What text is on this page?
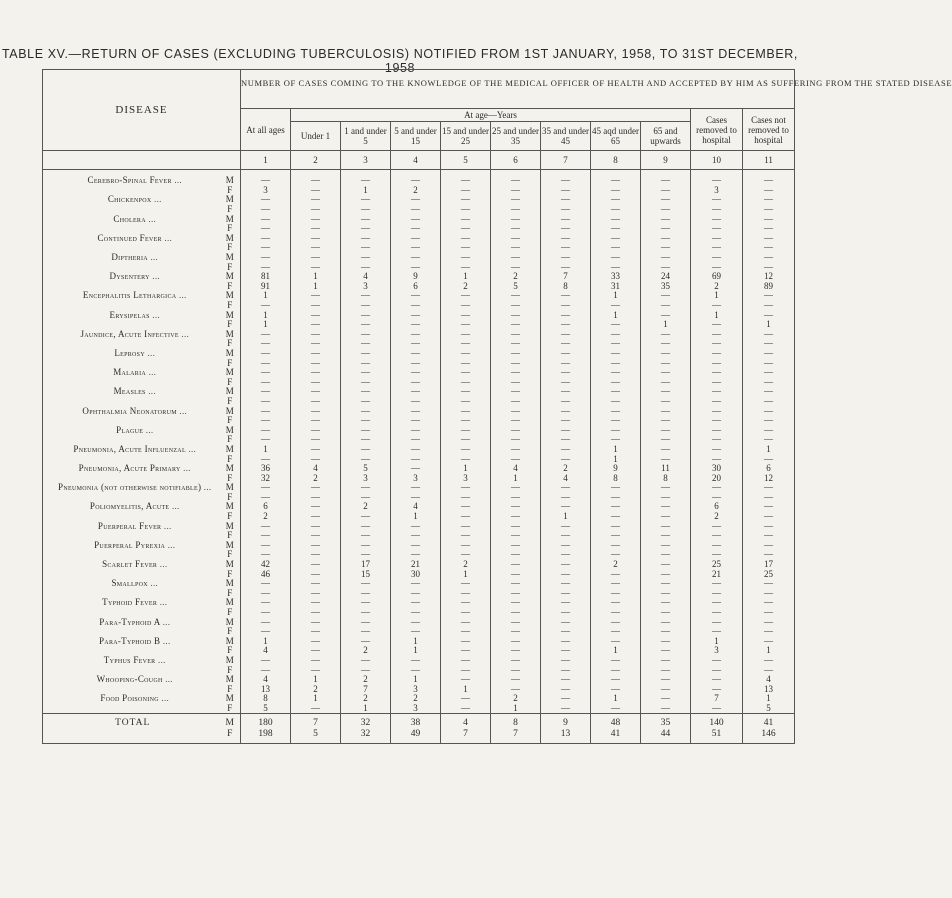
TABLE XV.—RETURN OF CASES (EXCLUDING TUBERCULOSIS) NOTIFIED FROM 1ST JANUARY, 1958, TO 31ST DECEMBER, 1958
DISEASE		NUMBER OF CASES COMING TO THE KNOWLEDGE OF THE MEDICAL OFFICER OF HEALTH AND ACCEPTED BY HIM AS SUFFERING FROM THE STATED DISEASE										

		At all ages	At age—Years								Cases removed to hospital	Cases not removed to hospital

			Under 1	1 and under 5	5 and under 15	15 and under 25	25 and under 35	35 and under 45	45 aqd under 65	65 and upwards		

		1	2	3	4	5	6	7	8	9	10	11

Cerebro-Spinal Fever ...	M	—	—	—	—	—	—	—	—	—	—	—
	F	3	—	1	2	—	—	—	—	—	3	—
Chickenpox ...	M	—	—	—	—	—	—	—	—	—	—	—
	F	—	—	—	—	—	—	—	—	—	—	—
Cholera ...	M	—	—	—	—	—	—	—	—	—	—	—
	F	—	—	—	—	—	—	—	—	—	—	—
Continued Fever ...	M	—	—	—	—	—	—	—	—	—	—	—
	F	—	—	—	—	—	—	—	—	—	—	—
Diptheria ...	M	—	—	—	—	—	—	—	—	—	—	—
	F	—	—	—	—	—	—	—	—	—	—	—
Dysentery ...	M	81	1	4	9	1	2	7	33	24	69	12
	F	91	1	3	6	2	5	8	31	35	2	89
Encephalitis Lethargica ...	M	1	—	—	—	—	—	—	1	—	1	—
	F	—	—	—	—	—	—	—	—	—	—	—
Erysipelas ...	M	1	—	—	—	—	—	—	1	—	1	—
	F	1	—	—	—	—	—	—	—	1	—	1
Jaundice, Acute Infective ...	M	—	—	—	—	—	—	—	—	—	—	—
	F	—	—	—	—	—	—	—	—	—	—	—
Leprosy ...	M	—	—	—	—	—	—	—	—	—	—	—
	F	—	—	—	—	—	—	—	—	—	—	—
Malaria ...	M	—	—	—	—	—	—	—	—	—	—	—
	F	—	—	—	—	—	—	—	—	—	—	—
Measles ...	M	—	—	—	—	—	—	—	—	—	—	—
	F	—	—	—	—	—	—	—	—	—	—	—
Ophthalmia Neonatorum ...	M	—	—	—	—	—	—	—	—	—	—	—
	F	—	—	—	—	—	—	—	—	—	—	—
Plague ...	M	—	—	—	—	—	—	—	—	—	—	—
	F	—	—	—	—	—	—	—	—	—	—	—
Pneumonia, Acute Influenzal ...	M	1	—	—	—	—	—	—	1	—	—	1
	F	—	—	—	—	—	—	—	1	—	—	—
Pneumonia, Acute Primary ...	M	36	4	5	—	1	4	2	9	11	30	6
	F	32	2	3	3	3	1	4	8	8	20	12
Pneumonia (not otherwise notifiable) ...	M	—	—	—	—	—	—	—	—	—	—	—
	F	—	—	—	—	—	—	—	—	—	—	—
Poliomyelitis, Acute ...	M	6	—	2	4	—	—	—	—	—	6	—
	F	2	—	—	1	—	—	1	—	—	2	—
Puerperal Fever ...	M	—	—	—	—	—	—	—	—	—	—	—
	F	—	—	—	—	—	—	—	—	—	—	—
Puerperal Pyrexia ...	M	—	—	—	—	—	—	—	—	—	—	—
	F	—	—	—	—	—	—	—	—	—	—	—
Scarlet Fever ...	M	42	—	17	21	2	—	—	2	—	25	17
	F	46	—	15	30	1	—	—	—	—	21	25
Smallpox ...	M	—	—	—	—	—	—	—	—	—	—	—
	F	—	—	—	—	—	—	—	—	—	—	—
Typhoid Fever ...	M	—	—	—	—	—	—	—	—	—	—	—
	F	—	—	—	—	—	—	—	—	—	—	—
Para-Typhoid A ...	M	—	—	—	—	—	—	—	—	—	—	—
	F	—	—	—	—	—	—	—	—	—	—	—
Para-Typhoid B ...	M	1	—	—	1	—	—	—	—	—	1	—
	F	4	—	2	1	—	—	—	1	—	3	1
Typhus Fever ...	M	—	—	—	—	—	—	—	—	—	—	—
	F	—	—	—	—	—	—	—	—	—	—	—
Whooping-Cough ...	M	4	1	2	1	—	—	—	—	—	—	4
	F	13	2	7	3	1	—	—	—	—	—	13
Food Poisoning ...	M	8	1	2	2	—	2	—	1	—	7	1
	F	5	—	1	3	—	1	—	—	—	—	5
TOTAL	M	180	7	32	38	4	8	9	48	35	140	41
	F	198	5	32	49	7	7	13	41	44	51	146
